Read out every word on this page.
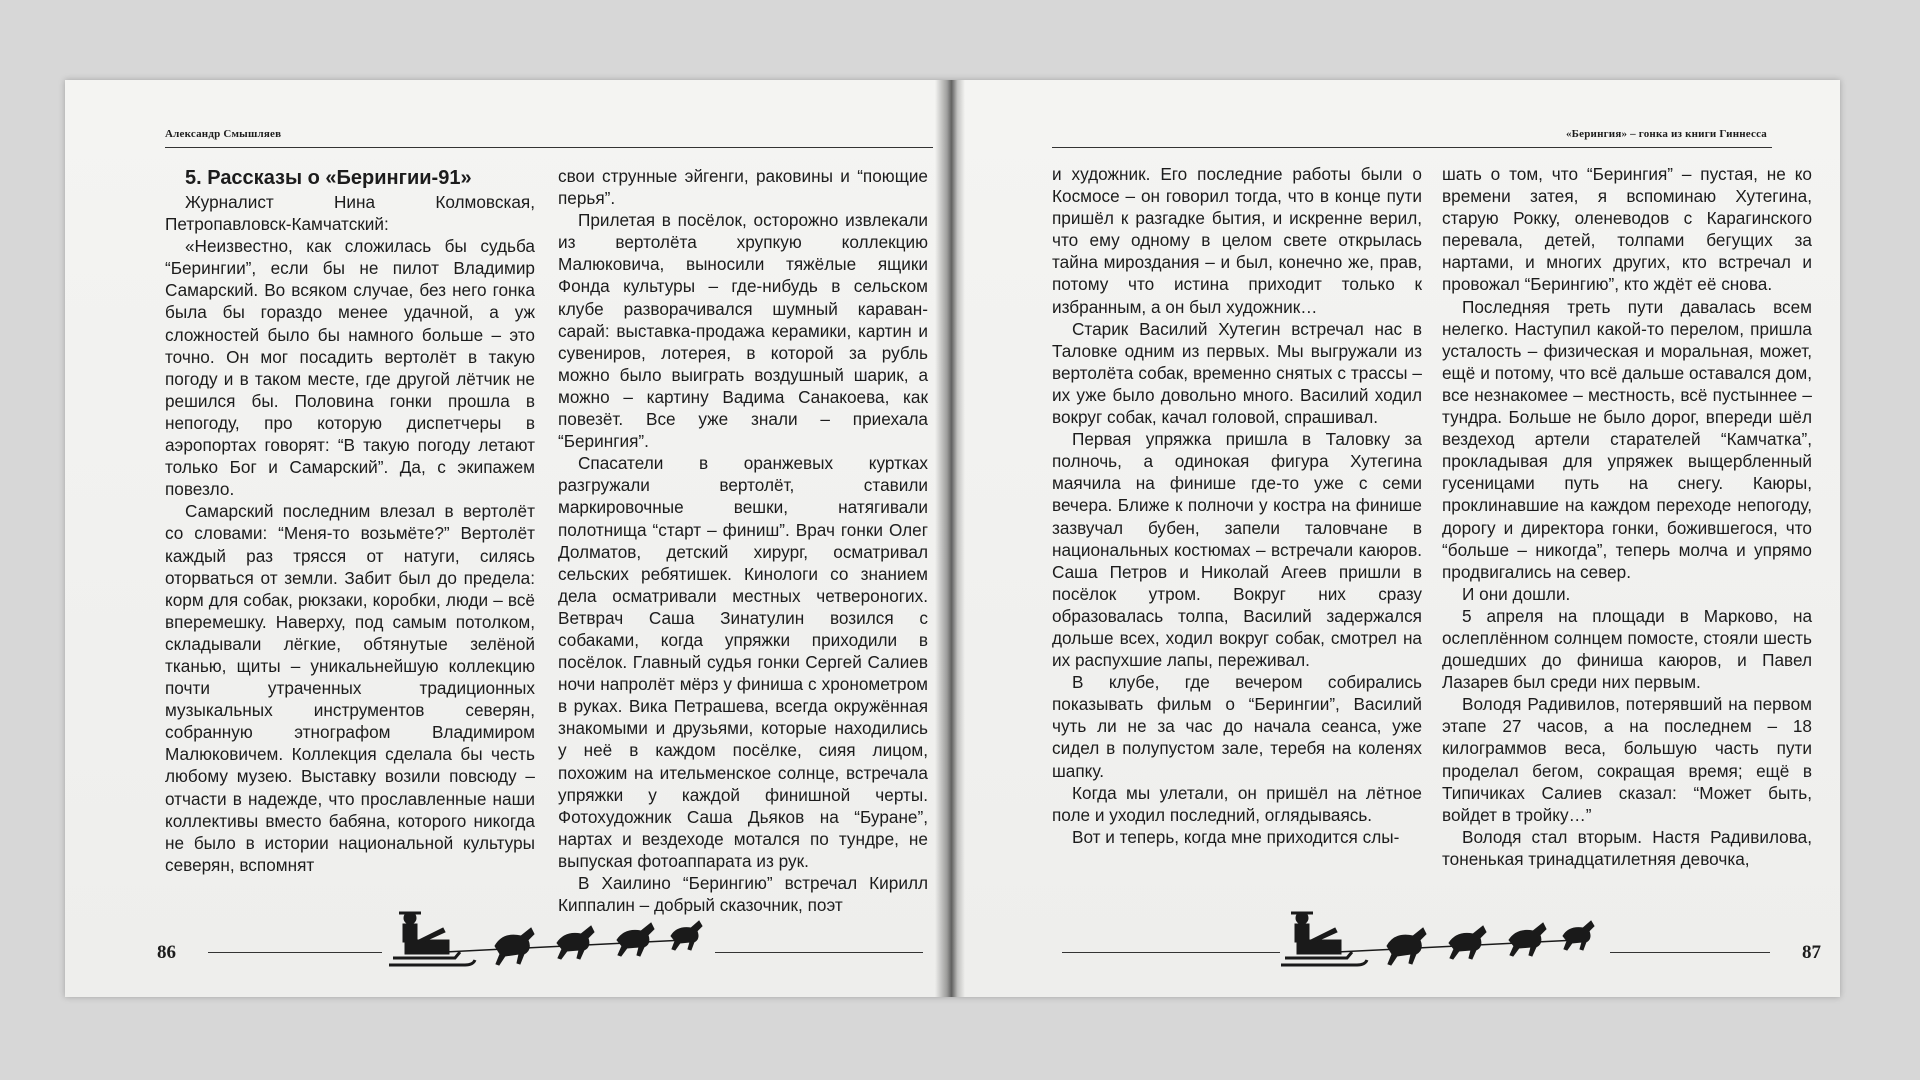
Александр Смышляев

5. Рассказы о «Берингии-91»

Журналист Нина Колмовская, Петропавловск-Камчатский:

«Неизвестно, как сложилась бы судьба “Берингии”, если бы не пилот Владимир Самарский. Во всяком случае, без него гонка была бы гораздо менее удачной, а уж сложностей было бы намного больше – это точно. Он мог посадить вертолёт в такую погоду и в таком месте, где другой лётчик не решился бы. Половина гонки прошла в непогоду, про которую диспетчеры в аэропортах говорят: “В такую погоду летают только Бог и Самарский”. Да, с экипажем повезло.

Самарский последним влезал в вертолёт со словами: “Меня-то возьмёте?” Вертолёт каждый раз трясся от натуги, силясь оторваться от земли. Забит был до предела: корм для собак, рюкзаки, коробки, люди – всё вперемешку. Наверху, под самым потолком, складывали лёгкие, обтянутые зелёной тканью, щиты – уникальнейшую коллекцию почти утраченных традиционных музыкальных инструментов северян, собранную этнографом Владимиром Малюковичем. Коллекция сделала бы честь любому музею. Выставку возили повсюду – отчасти в надежде, что прославленные наши коллективы вместо бабяна, которого никогда не было в истории национальной культуры северян, вспомнят

свои струнные эйгенги, раковины и “поющие перья”.

Прилетая в посёлок, осторожно извлекали из вертолёта хрупкую коллекцию Малюковича, выносили тяжёлые ящики Фонда культуры – где-нибудь в сельском клубе разворачивался шумный караван-сарай: выставка-продажа керамики, картин и сувениров, лотерея, в которой за рубль можно было выиграть воздушный шарик, а можно – картину Вадима Санакоева, как повезёт. Все уже знали – приехала “Берингия”.

Спасатели в оранжевых куртках разгружали вертолёт, ставили маркировочные вешки, натягивали полотнища “старт – финиш”. Врач гонки Олег Долматов, детский хирург, осматривал сельских ребятишек. Кинологи со знанием дела осматривали местных четвероногих. Ветврач Саша Зинатулин возился с собаками, когда упряжки приходили в посёлок. Главный судья гонки Сергей Салиев ночи напролёт мёрз у финиша с хронометром в руках. Вика Петрашева, всегда окружённая знакомыми и друзьями, которые находились у неё в каждом посёлке, сияя лицом, похожим на ительменское солнце, встречала упряжки у каждой финишной черты. Фотохудожник Саша Дьяков на “Буране”, нартах и вездеходе мотался по тундре, не выпуская фотоаппарата из рук.

В Хаилино “Берингию” встречал Кирилл Киппалин – добрый сказочник, поэт

86
«Берингия» – гонка из книги Гиннесса

и художник. Его последние работы были о Космосе – он говорил тогда, что в конце пути пришёл к разгадке бытия, и искренне верил, что ему одному в целом свете открылась тайна мироздания – и был, конечно же, прав, потому что истина приходит только к избранным, а он был художник…

Старик Василий Хутегин встречал нас в Таловке одним из первых. Мы выгружали из вертолёта собак, временно снятых с трассы – их уже было довольно много. Василий ходил вокруг собак, качал головой, спрашивал.

Первая упряжка пришла в Таловку за полночь, а одинокая фигура Хутегина маячила на финише где-то уже с семи вечера. Ближе к полночи у костра на финише зазвучал бубен, запели таловчане в национальных костюмах – встречали каюров. Саша Петров и Николай Агеев пришли в посёлок утром. Вокруг них сразу образовалась толпа, Василий задержался дольше всех, ходил вокруг собак, смотрел на их распухшие лапы, переживал.

В клубе, где вечером собирались показывать фильм о “Берингии”, Василий чуть ли не за час до начала сеанса, уже сидел в полупустом зале, теребя на коленях шапку.

Когда мы улетали, он пришёл на лётное поле и уходил последний, оглядываясь.

Вот и теперь, когда мне приходится слы-

шать о том, что “Берингия” – пустая, не ко времени затея, я вспоминаю Хутегина, старую Рокку, оленеводов с Карагинского перевала, детей, толпами бегущих за нартами, и многих других, кто встречал и провожал “Берингию”, кто ждёт её снова.

Последняя треть пути давалась всем нелегко. Наступил какой-то перелом, пришла усталость – физическая и моральная, может, ещё и потому, что всё дальше оставался дом, все незнакомее – местность, всё пустыннее – тундра. Больше не было дорог, впереди шёл вездеход артели старателей “Камчатка”, прокладывая для упряжек выщербленный гусеницами путь на снегу. Каюры, проклинавшие на каждом переходе непогоду, дорогу и директора гонки, божившегося, что “больше – никогда”, теперь молча и упрямо продвигались на север.

И они дошли.

5 апреля на площади в Марково, на ослеплённом солнцем помосте, стояли шесть дошедших до финиша каюров, и Павел Лазарев был среди них первым.

Володя Радивилов, потерявший на первом этапе 27 часов, а на последнем – 18 килограммов веса, большую часть пути проделал бегом, сокращая время; ещё в Типичиках Салиев сказал: “Может быть, войдет в тройку…”

Володя стал вторым. Настя Радивилова, тоненькая тринадцатилетняя девочка,

87
